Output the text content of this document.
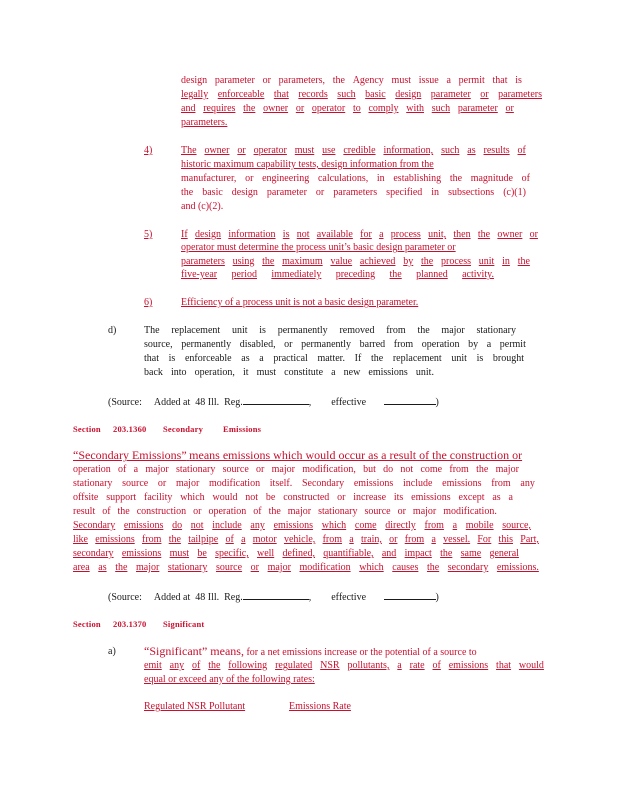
design parameter or parameters, the Agency must issue a permit that is
legally enforceable that records such basic design parameter or parameters
and requires the owner or operator to comply with such parameter or
parameters.
4)	The owner or operator must use credible information, such as results of
historic maximum capability tests, design information from the
manufacturer, or engineering calculations, in establishing the magnitude of
the basic design parameter or parameters specified in subsections (c)(1)
and (c)(2).
5)	If design information is not available for a process unit, then the owner or
operator must determine the process unit’s basic design parameter or
parameters using the maximum value achieved by the process unit in the
five-year period immediately preceding the planned activity.
6)	Efficiency of a process unit is not a basic design parameter.
d)	The replacement unit is permanently removed from the major stationary
source, permanently disabled, or permanently barred from operation by a permit
that is enforceable as a practical matter. If the replacement unit is brought
back into operation, it must constitute a new emissions unit.
(Source: Added at 48 Ill. Reg.	,        effective	)
Section 203.1360 Secondary Emissions
“Secondary Emissions” means emissions which would occur as a result of the construction or
operation of a major stationary source or major modification, but do not come from the major
stationary source or major modification itself. Secondary emissions include emissions from any
offsite support facility which would not be constructed or increase its emissions except as a
result of the construction or operation of the major stationary source or major modification.
Secondary emissions do not include any emissions which come directly from a mobile source,
like emissions from the tailpipe of a motor vehicle, from a train, or from a vessel. For this Part,
secondary emissions must be specific, well defined, quantifiable, and impact the same general
area as the major stationary source or major modification which causes the secondary emissions.
(Source: Added at 48 Ill. Reg.	,        effective	)
Section 203.1370 Significant
a) “Significant” means, for a net emissions increase or the potential of a source to
emit any of the following regulated NSR pollutants, a rate of emissions that would
equal or exceed any of the following rates:
Regulated NSR Pollutant	Emissions Rate
